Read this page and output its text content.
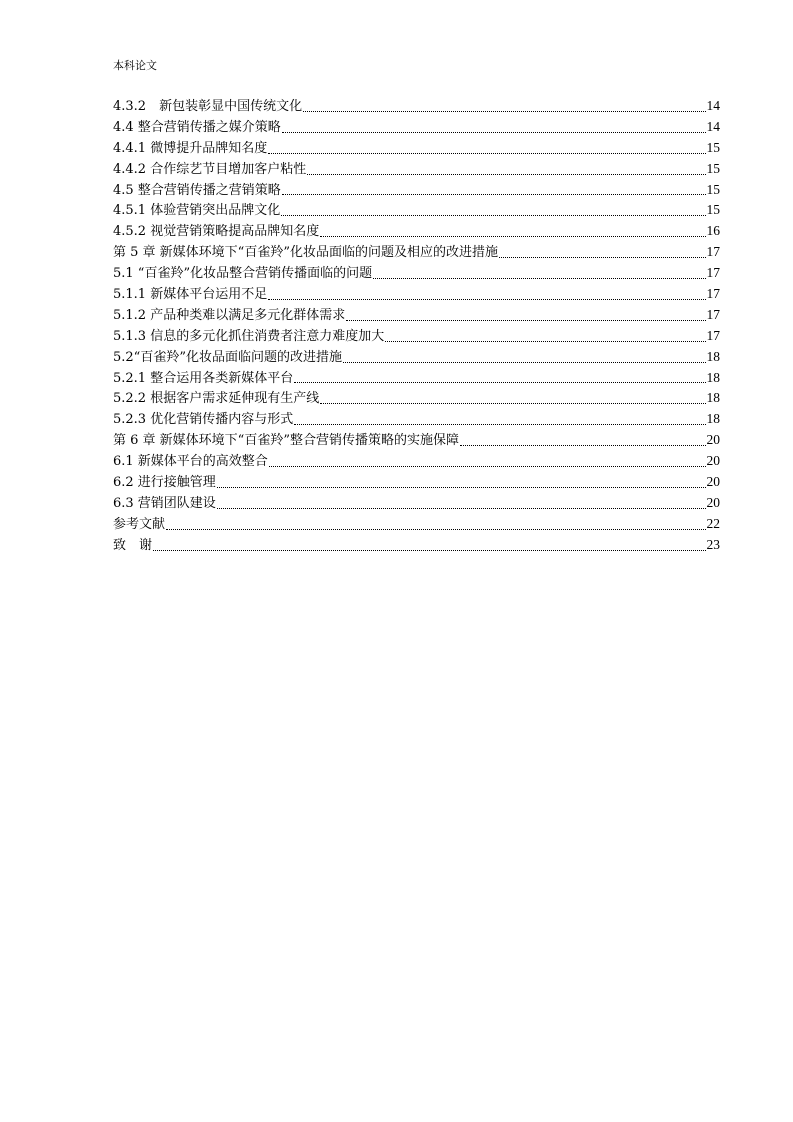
本科论文
4.3.2　新包装彰显中国传统文化	14
4.4 整合营销传播之媒介策略	14
4.4.1 微博提升品牌知名度	15
4.4.2 合作综艺节目增加客户粘性	15
4.5 整合营销传播之营销策略	15
4.5.1 体验营销突出品牌文化	15
4.5.2 视觉营销策略提高品牌知名度	16
第 5 章 新媒体环境下“百雀羚”化妆品面临的问题及相应的改进措施	17
5.1 “百雀羚”化妆品整合营销传播面临的问题	17
5.1.1 新媒体平台运用不足	17
5.1.2 产品种类难以满足多元化群体需求	17
5.1.3 信息的多元化抓住消费者注意力难度加大	17
5.2“百雀羚”化妆品面临问题的改进措施	18
5.2.1 整合运用各类新媒体平台	18
5.2.2 根据客户需求延伸现有生产线	18
5.2.3 优化营销传播内容与形式	18
第 6 章 新媒体环境下“百雀羚”整合营销传播策略的实施保障	20
6.1 新媒体平台的高效整合	20
6.2 进行接触管理	20
6.3 营销团队建设	20
参考文献	22
致　谢	23
